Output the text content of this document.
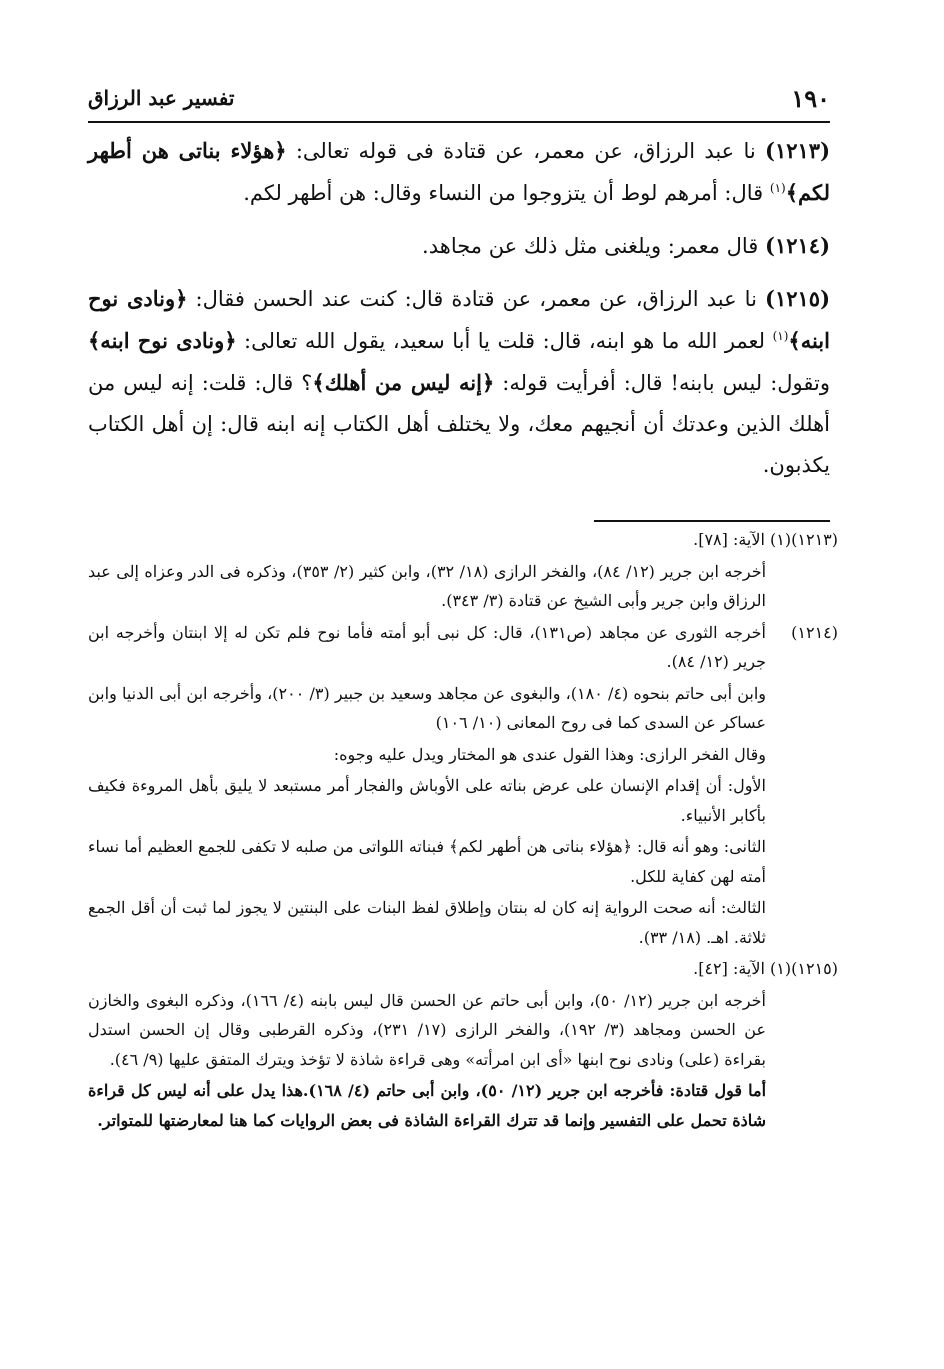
١٩٠
تفسير عبد الرزاق

(١٢١٣) نا عبد الرزاق، عن معمر، عن قتادة فى قوله تعالى: ﴿هؤلاء بناتى هن أطهر لكم﴾$^{(١)}$ قال: أمرهم لوط أن يتزوجوا من النساء وقال: هن أطهر لكم.

(١٢١٤) قال معمر: ويلغنى مثل ذلك عن مجاهد.

(١٢١٥) نا عبد الرزاق، عن معمر، عن قتادة قال: كنت عند الحسن فقال: ﴿ونادى نوح ابنه﴾$^{(١)}$ لعمر الله ما هو ابنه، قال: قلت يا أبا سعيد، يقول الله تعالى: ﴿ونادى نوح ابنه﴾ وتقول: ليس بابنه! قال: أفرأيت قوله: ﴿إنه ليس من أهلك﴾؟ قال: قلت: إنه ليس من أهلك الذين وعدتك أن أنجيهم معك، ولا يختلف أهل الكتاب إنه ابنه قال: إن أهل الكتاب يكذبون.

(١٢١٣)
(١) الآية: [٧٨].
أخرجه ابن جرير (١٢/ ٨٤)، والفخر الرازى (١٨/ ٣٢)، وابن كثير (٢/ ٣٥٣)، وذكره فى الدر وعزاه إلى عبد الرزاق وابن جرير وأبى الشيخ عن قتادة (٣/ ٣٤٣).
(١٢١٤)
أخرجه الثورى عن مجاهد (ص١٣١)، قال: كل نبى أبو أمته فأما نوح فلم تكن له إلا ابنتان وأخرجه ابن جرير (١٢/ ٨٤).
وابن أبى حاتم بنحوه (٤/ ١٨٠)، والبغوى عن مجاهد وسعيد بن جبير (٣/ ٢٠٠)، وأخرجه ابن أبى الدنيا وابن عساكر عن السدى كما فى روح المعانى (١٠/ ١٠٦)
وقال الفخر الرازى: وهذا القول عندى هو المختار ويدل عليه وجوه:
الأول: أن إقدام الإنسان على عرض بناته على الأوباش والفجار أمر مستبعد لا يليق بأهل المروءة فكيف بأكابر الأنبياء.
الثانى: وهو أنه قال: ﴿هؤلاء بناتى هن أطهر لكم﴾ فبناته اللواتى من صلبه لا تكفى للجمع العظيم أما نساء أمته لهن كفاية للكل.
الثالث: أنه صحت الرواية إنه كان له بنتان وإطلاق لفظ البنات على البنتين لا يجوز لما ثبت أن أقل الجمع ثلاثة. اهـ. (١٨/ ٣٣).
(١٢١٥)
(١) الآية: [٤٢].
أخرجه ابن جرير (١٢/ ٥٠)، وابن أبى حاتم عن الحسن قال ليس بابنه (٤/ ١٦٦)، وذكره البغوى والخازن عن الحسن ومجاهد (٣/ ١٩٢)، والفخر الرازى (١٧/ ٢٣١)، وذكره القرطبى وقال إن الحسن استدل بقراءة (على) ونادى نوح ابنها «أى ابن امرأته» وهى قراءة شاذة لا تؤخذ ويترك المتفق عليها (٩/ ٤٦).
أما قول قتادة: فأخرجه ابن جرير (١٢/ ٥٠)، وابن أبى حاتم (٤/ ١٦٨).هذا يدل على أنه ليس كل قراءة شاذة تحمل على التفسير وإنما قد تترك القراءة الشاذة فى بعض الروايات كما هنا لمعارضتها للمتواتر.
